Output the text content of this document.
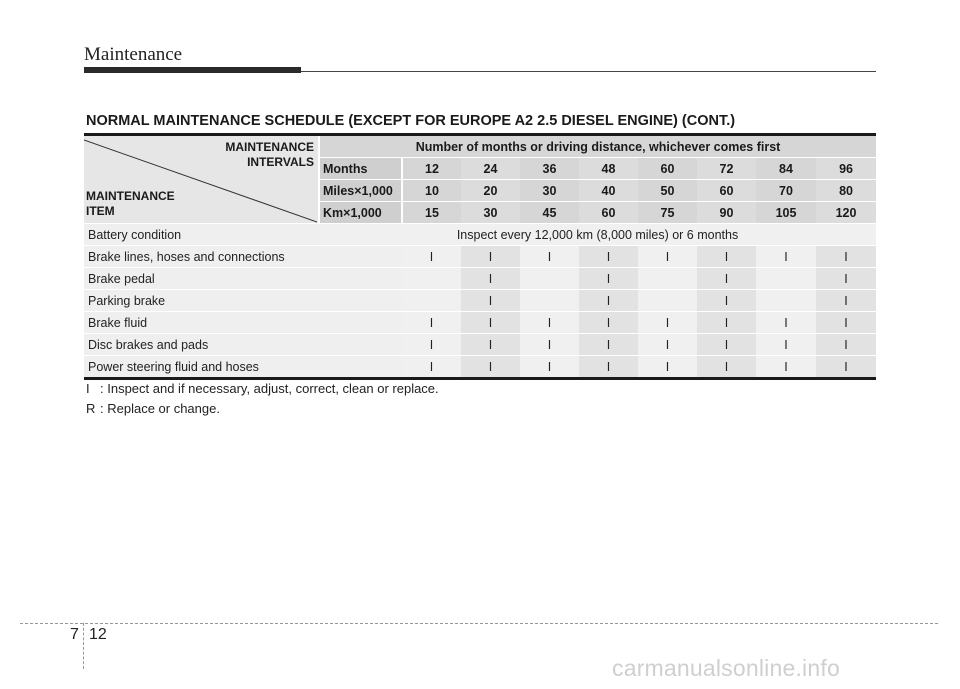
Maintenance
NORMAL MAINTENANCE SCHEDULE (EXCEPT FOR EUROPE A2 2.5 DIESEL ENGINE) (CONT.)
MAINTENANCE
INTERVALS
MAINTENANCE
ITEM	Number of months or driving distance, whichever comes first								
	Months	12	24	36	48	60	72	84	96
	Miles×1,000	10	20	30	40	50	60	70	80
	Km×1,000	15	30	45	60	75	90	105	120
Battery condition	Inspect every 12,000 km (8,000 miles) or 6 months								
Brake lines, hoses and connections		I	I	I	I	I	I	I	I
Brake pedal			I		I		I		I
Parking brake			I		I		I		I
Brake fluid		I	I	I	I	I	I	I	I
Disc brakes and pads		I	I	I	I	I	I	I	I
Power steering fluid and hoses		I	I	I	I	I	I	I	I
I : Inspect and if necessary, adjust, correct, clean or replace.
R : Replace or change.
7 12
carmanualsonline.info
